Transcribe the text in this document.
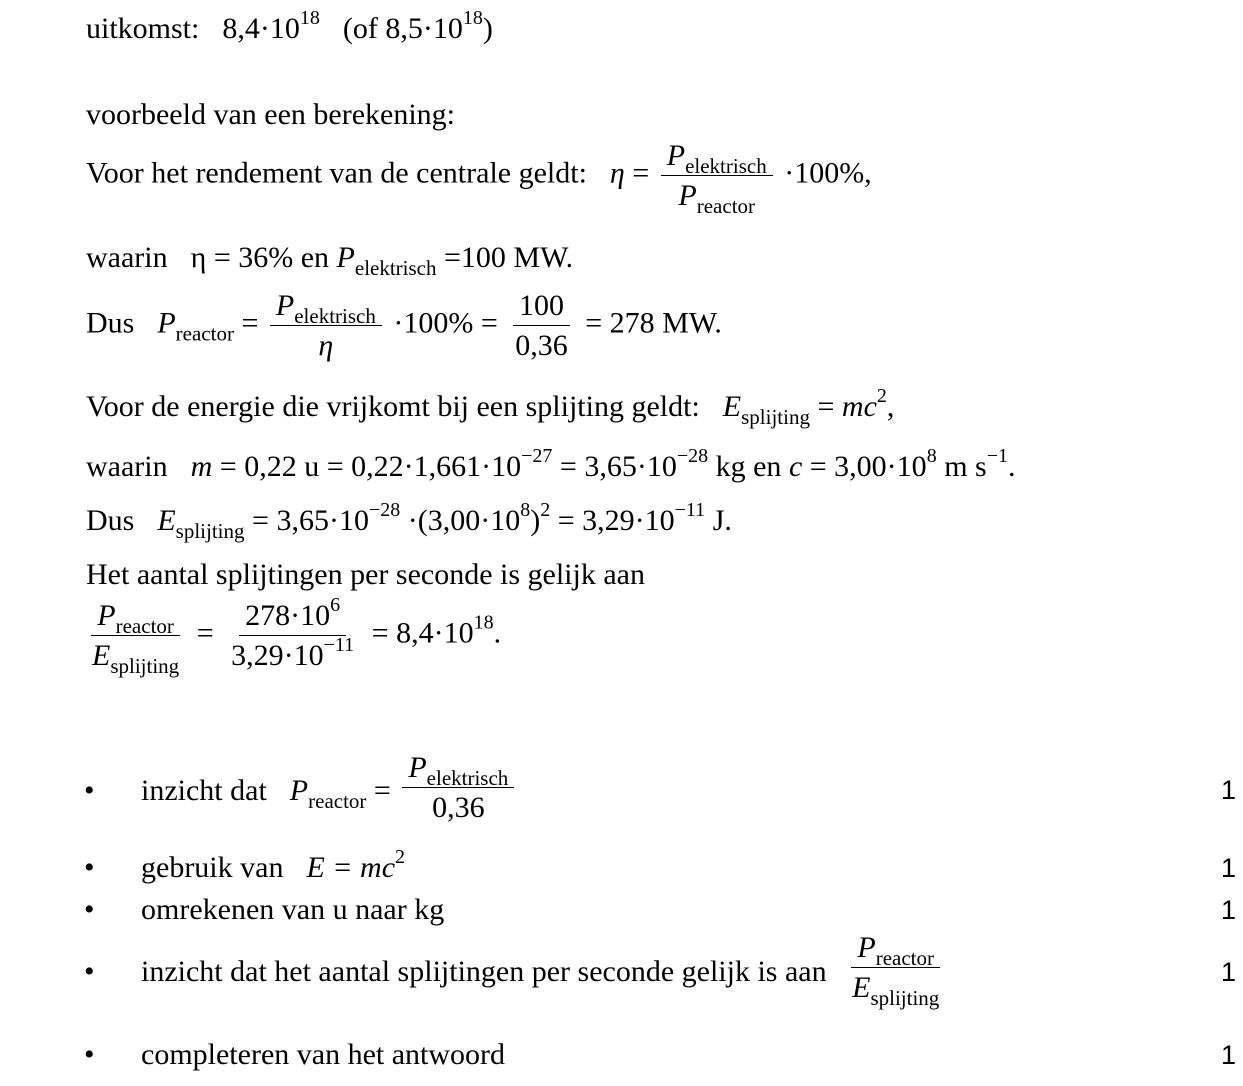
uitkomst: $8,4\cdot 10^{18}$ (of $8,5\cdot 10^{18}$)
voorbeeld van een berekening:
Voor het rendement van de centrale geldt: $\eta = \frac{P_{elektrisch}}{P_{reactor}} \cdot 100\%$,
waarin η = 36% en $P_{elektrisch} =100$ MW.
Dus $P_{reactor} = \frac{P_{elektrisch}}{\eta} \cdot 100\% = \frac{100}{0,36} = 278$ MW.
Voor de energie die vrijkomt bij een splijting geldt: $E_{splijting} = mc^2$,
waarin m = 0,22 $u = 0,22\cdot 1,661\cdot 10^{-27} = 3,65\cdot 10^{-28}$ kg en $c = 3,00\cdot 10^8$ m $s^{-1}$.
Dus $E_{splijting} = 3,65\cdot 10^{-28} \cdot(3,00\cdot 10^8)^2 = 3,29\cdot 10^{-11}$ J.
Het aantal splijtingen per seconde is gelijk aan
$\frac{P_{reactor}}{E_{splijting}} = \frac{278\cdot 10^6}{3,29\cdot 10^{-11}} = 8,4\cdot 10^{18}$.
• inzicht dat $P_{reactor} = \frac{P_{elektrisch}}{0,36}$	1
• gebruik van $E = mc^2$	1
• omrekenen van u naar kg	1
• inzicht dat het aantal splijtingen per seconde gelijk is aan $\frac{P_{reactor}}{E_{splijting}}$	1
• completeren van het antwoord	1
